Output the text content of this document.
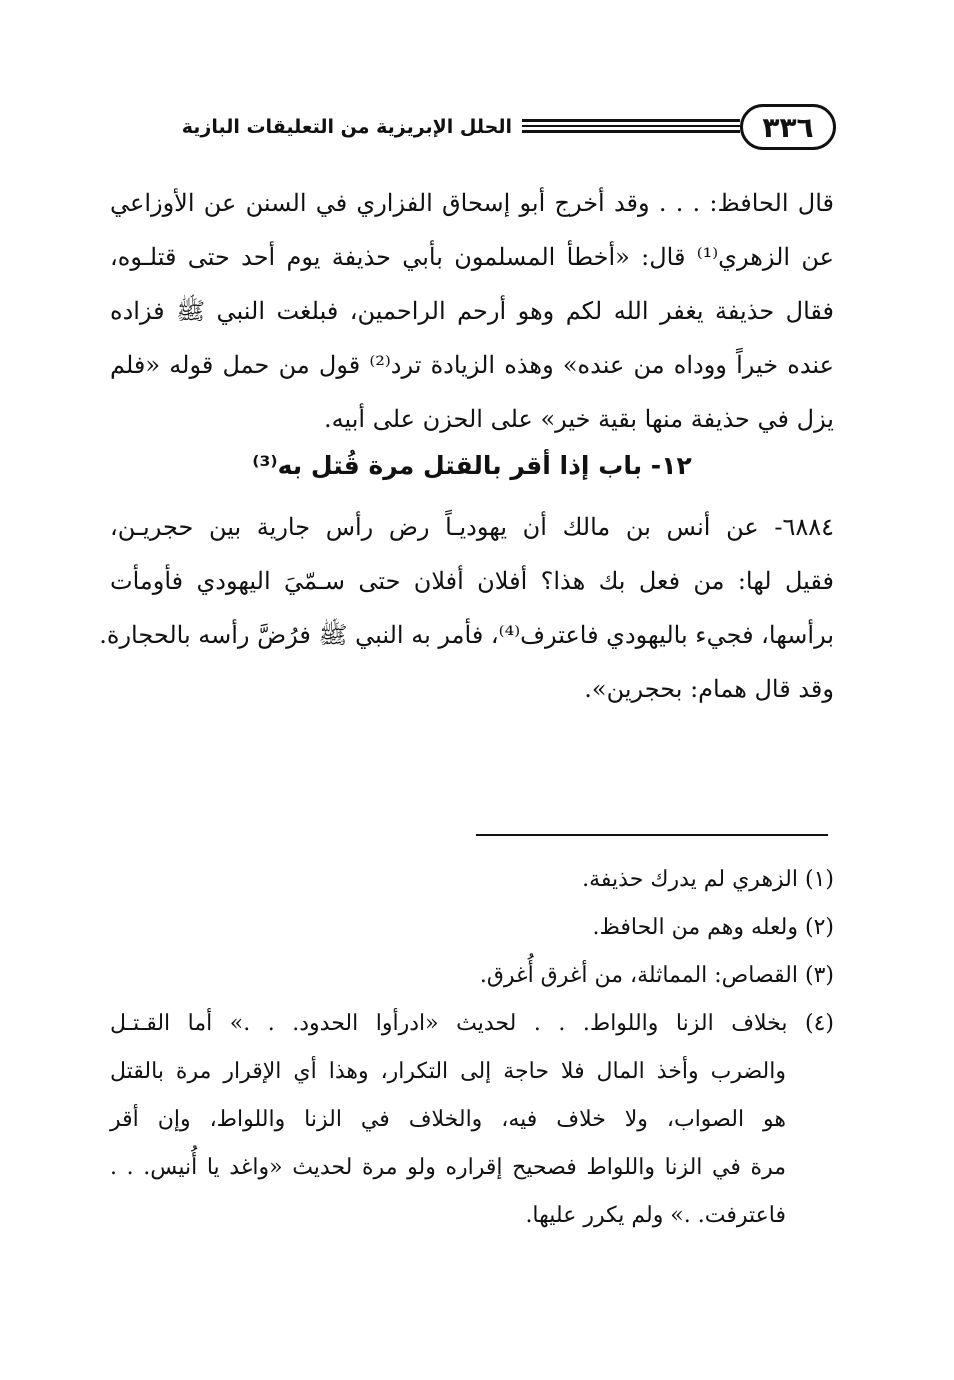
٣٣٦
الحلل الإبريزية من التعليقات البازية
قال الحافظ: . . . وقد أخرج أبو إسحاق الفزاري في السنن عن الأوزاعي
عن الزهري⁽¹⁾ قال: «أخطأ المسلمون بأبي حذيفة يوم أحد حتى قتلـوه،
فقال حذيفة يغفر الله لكم وهو أرحم الراحمين، فبلغت النبي ﷺ فزاده
عنده خيراً ووداه من عنده» وهذه الزيادة ترد⁽²⁾ قول من حمل قوله «فلم
يزل في حذيفة منها بقية خير» على الحزن على أبيه.
١٢- باب إذا أقر بالقتل مرة قُتل به⁽³⁾
٦٨٨٤- عن أنس بن مالك أن يهوديـاً رض رأس جارية بين حجريـن،
فقيل لها: من فعل بك هذا؟ أفلان أفلان حتى سـمّيَ اليهودي فأومأت
برأسها، فجيء باليهودي فاعترف⁽⁴⁾، فأمر به النبي ﷺ فرُضَّ رأسه بالحجارة.
وقد قال همام: بحجرين».
(١) الزهري لم يدرك حذيفة.
(٢) ولعله وهم من الحافظ.
(٣) القصاص: المماثلة، من أغرق أُغرق.
(٤) بخلاف الزنا واللواط. . . لحديث «ادرأوا الحدود. . .» أما القـتـل
والضرب وأخذ المال فلا حاجة إلى التكرار، وهذا أي الإقرار مرة بالقتل
هو الصواب، ولا خلاف فيه، والخلاف في الزنا واللواط، وإن أقر
مرة في الزنا واللواط فصحيح إقراره ولو مرة لحديث «واغد يا أُنيس. . .
فاعترفت. .» ولم يكرر عليها.
